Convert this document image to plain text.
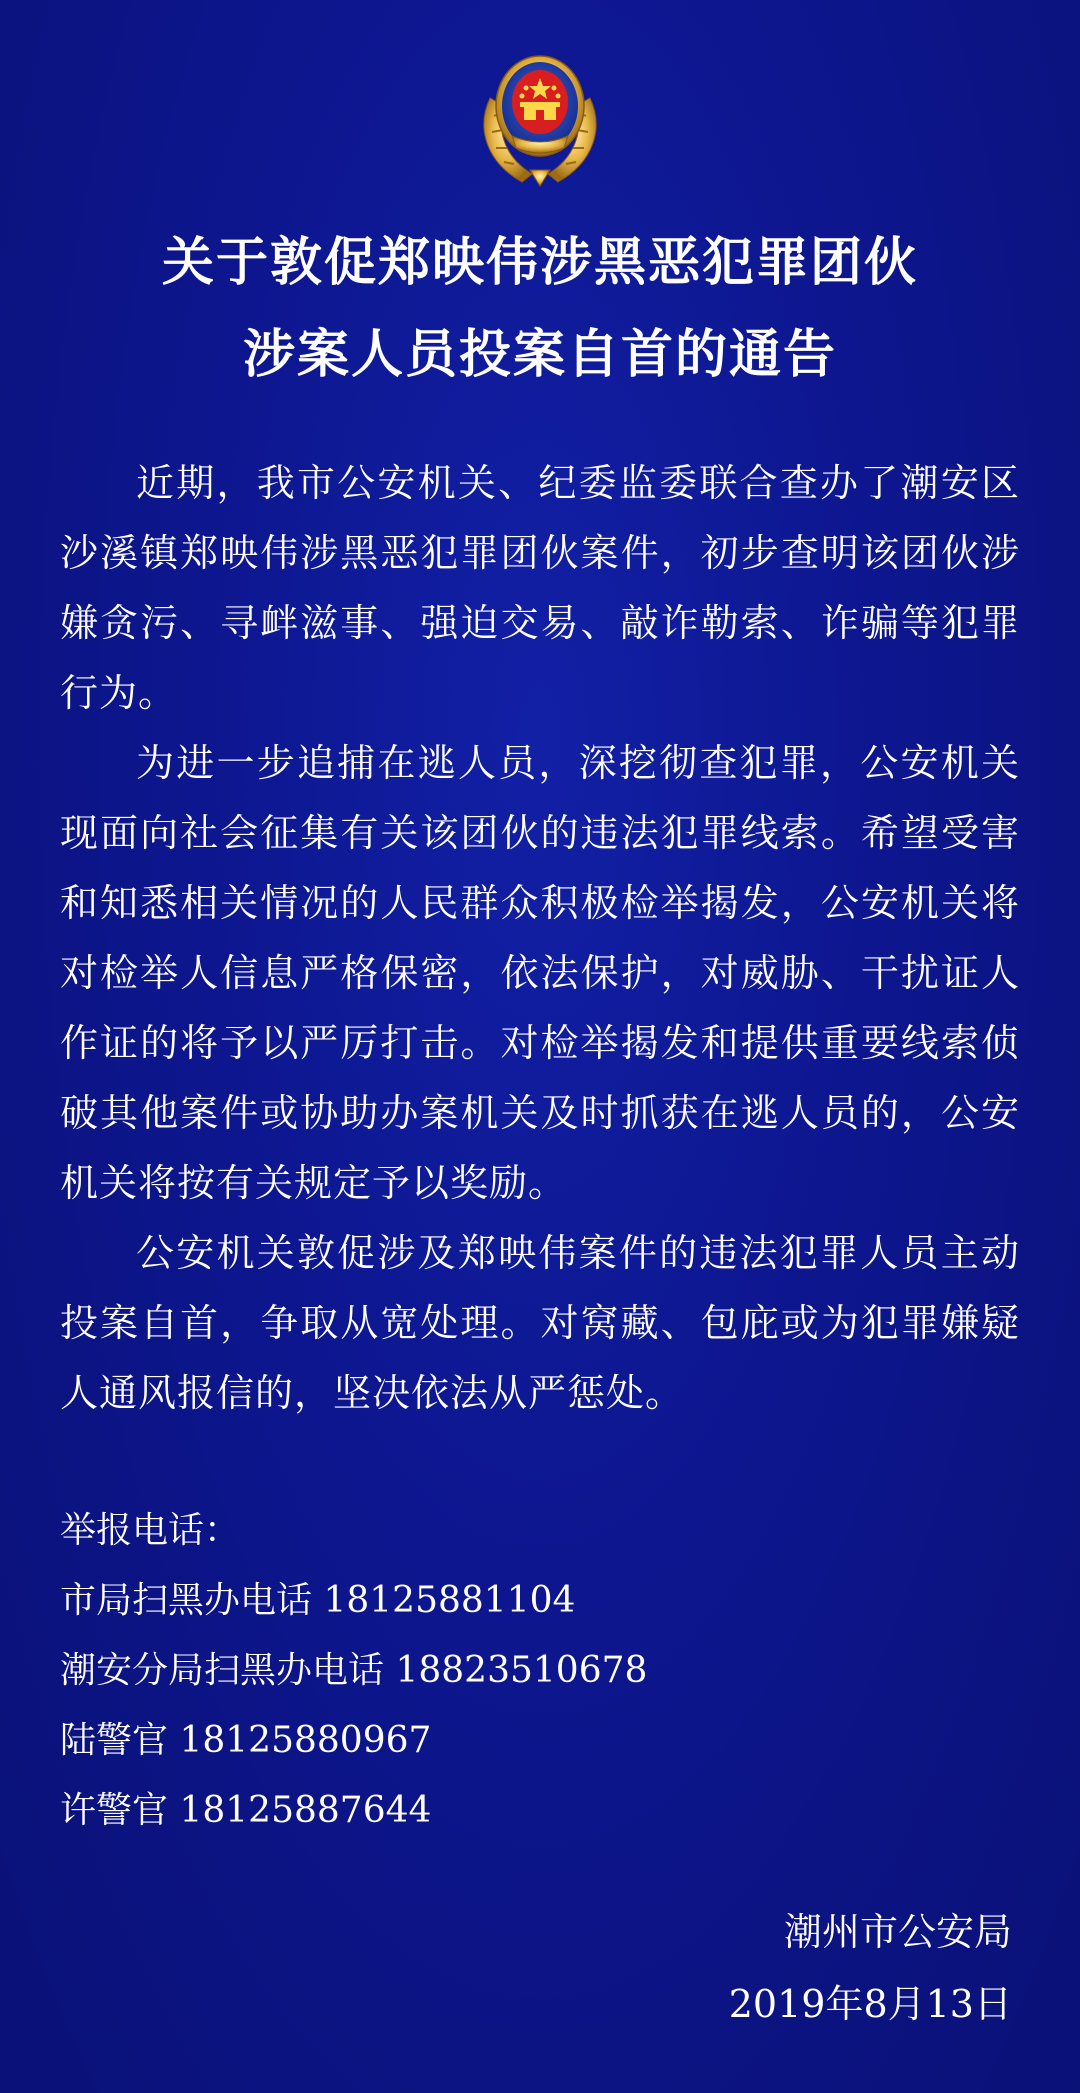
关于敦促郑映伟涉黑恶犯罪团伙
涉案人员投案自首的通告

近期，我市公安机关、纪委监委联合查办了潮安区沙溪镇郑映伟涉黑恶犯罪团伙案件，初步查明该团伙涉嫌贪污、寻衅滋事、强迫交易、敲诈勒索、诈骗等犯罪行为。

为进一步追捕在逃人员，深挖彻查犯罪，公安机关现面向社会征集有关该团伙的违法犯罪线索。希望受害和知悉相关情况的人民群众积极检举揭发，公安机关将对检举人信息严格保密，依法保护，对威胁、干扰证人作证的将予以严厉打击。对检举揭发和提供重要线索侦破其他案件或协助办案机关及时抓获在逃人员的，公安机关将按有关规定予以奖励。

公安机关敦促涉及郑映伟案件的违法犯罪人员主动投案自首，争取从宽处理。对窝藏、包庇或为犯罪嫌疑人通风报信的，坚决依法从严惩处。

举报电话：
市局扫黑办电话 18125881104
潮安分局扫黑办电话 18823510678
陆警官 18125880967
许警官 18125887644
潮州市公安局
2019年8月13日
